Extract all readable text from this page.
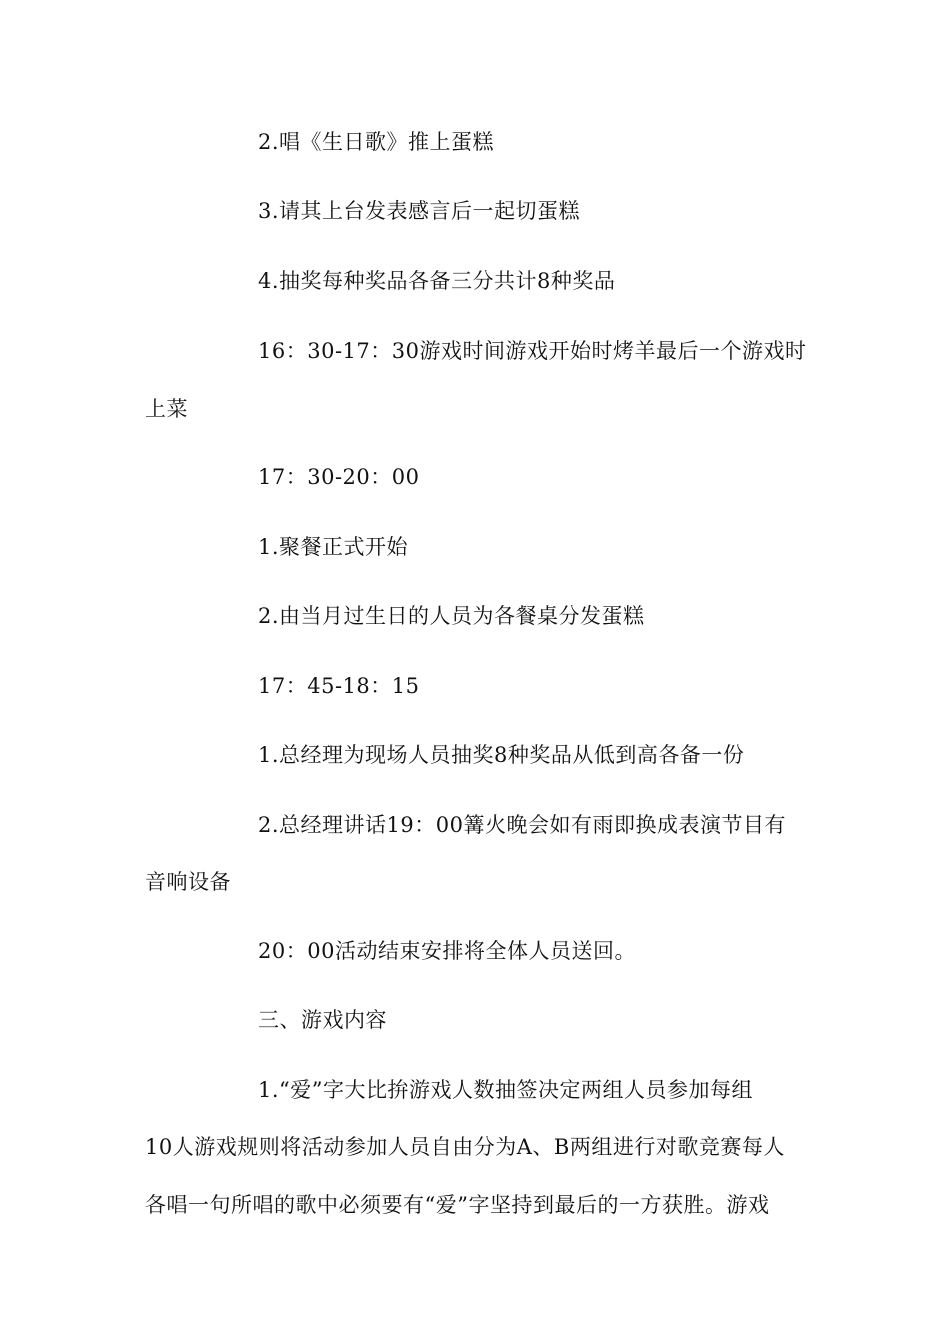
2.唱《生日歌》推上蛋糕
3.请其上台发表感言后一起切蛋糕
4.抽奖每种奖品各备三分共计8种奖品
16：30-17：30游戏时间游戏开始时烤羊最后一个游戏时
上菜
17：30-20：00
1.聚餐正式开始
2.由当月过生日的人员为各餐桌分发蛋糕
17：45-18：15
1.总经理为现场人员抽奖8种奖品从低到高各备一份
2.总经理讲话19：00篝火晚会如有雨即换成表演节目有
音响设备
20：00活动结束安排将全体人员送回。
三、游戏内容
1.“爱”字大比拚游戏人数抽签决定两组人员参加每组
10人游戏规则将活动参加人员自由分为A、B两组进行对歌竞赛每人
各唱一句所唱的歌中必须要有“爱”字坚持到最后的一方获胜。游戏
